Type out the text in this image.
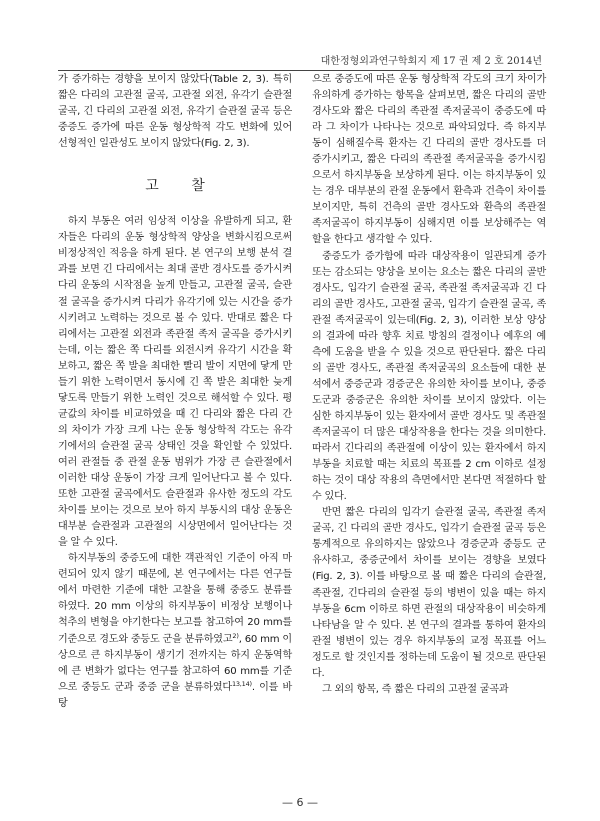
대한정형외과연구학회지 제 17 권 제 2 호 2014년

가 증가하는 경향을 보이지 않았다(Table 2, 3). 특히 짧은 다리의 고관절 굴곡, 고관절 외전, 유각기 슬관절 굴곡, 긴 다리의 고관절 외전, 유각기 슬관절 굴곡 등은 중증도 증가에 따른 운동 형상학적 각도 변화에 있어 선형적인 일관성도 보이지 않았다(Fig. 2, 3).

고 찰

하지 부동은 여러 임상적 이상을 유발하게 되고, 환자들은 다리의 운동 형상학적 양상을 변화시킴으로써 비정상적인 적응을 하게 된다. 본 연구의 보행 분석 결과를 보면 긴 다리에서는 최대 골반 경사도를 증가시켜 다리 운동의 시작점을 높게 만들고, 고관절 굴곡, 슬관절 굴곡을 증가시켜 다리가 유각기에 있는 시간을 증가시키려고 노력하는 것으로 볼 수 있다. 반대로 짧은 다리에서는 고관절 외전과 족관절 족저 굴곡을 증가시키는데, 이는 짧은 쪽 다리를 외전시켜 유각기 시간을 확보하고, 짧은 쪽 발을 최대한 빨리 발이 지면에 닿게 만들기 위한 노력이면서 동시에 긴 쪽 발은 최대한 늦게 닿도록 만들기 위한 노력인 것으로 해석할 수 있다. 평균값의 차이를 비교하였을 때 긴 다리와 짧은 다리 간의 차이가 가장 크게 나는 운동 형상학적 각도는 유각기에서의 슬관절 굴곡 상태인 것을 확인할 수 있었다. 여러 관절들 중 관절 운동 범위가 가장 큰 슬관절에서 이러한 대상 운동이 가장 크게 일어난다고 볼 수 있다. 또한 고관절 굴곡에서도 슬관절과 유사한 정도의 각도 차이를 보이는 것으로 보아 하지 부동시의 대상 운동은 대부분 슬관절과 고관절의 시상면에서 일어난다는 것을 알 수 있다.

하지부동의 중증도에 대한 객관적인 기준이 아직 마련되어 있지 않기 때문에, 본 연구에서는 다른 연구들에서 마련한 기준에 대한 고찰을 통해 중증도 분류를 하였다. 20 mm 이상의 하지부동이 비정상 보행이나 척추의 변형을 야기한다는 보고를 참고하여 20 mm를 기준으로 경도와 중등도 군을 분류하였고$^{2)}$, 60 mm 이상으로 큰 하지부동이 생기기 전까지는 하지 운동역학에 큰 변화가 없다는 연구를 참고하여 60 mm를 기준으로 중등도 군과 중증 군을 분류하였다$^{13,14)}$. 이를 바탕

으로 중증도에 따른 운동 형상학적 각도의 크기 차이가 유의하게 증가하는 항목을 살펴보면, 짧은 다리의 골반 경사도와 짧은 다리의 족관절 족저굴곡이 중증도에 따라 그 차이가 나타나는 것으로 파악되었다. 즉 하지부동이 심해질수록 환자는 긴 다리의 골반 경사도를 더 증가시키고, 짧은 다리의 족관절 족저굴곡을 증가시킴으로서 하지부동을 보상하게 된다. 이는 하지부동이 있는 경우 대부분의 관절 운동에서 환측과 건측이 차이를 보이지만, 특히 건측의 골반 경사도와 환측의 족관절 족저굴곡이 하지부동이 심해지면 이를 보상해주는 역할을 한다고 생각할 수 있다.

중증도가 증가함에 따라 대상작용이 일관되게 증가 또는 감소되는 양상을 보이는 요소는 짧은 다리의 골반 경사도, 입각기 슬관절 굴곡, 족관절 족저굴곡과 긴 다리의 골반 경사도, 고관절 굴곡, 입각기 슬관절 굴곡, 족관절 족저굴곡이 있는데(Fig. 2, 3), 이러한 보상 양상의 결과에 따라 향후 치료 방침의 결정이나 예후의 예측에 도움을 받을 수 있을 것으로 판단된다. 짧은 다리의 골반 경사도, 족관절 족저굴곡의 요소들에 대한 분석에서 중증군과 경증군은 유의한 차이를 보이나, 중증도군과 중증군은 유의한 차이를 보이지 않았다. 이는 심한 하지부동이 있는 환자에서 골반 경사도 및 족관절 족저굴곡이 더 많은 대상작용을 한다는 것을 의미한다. 따라서 긴다리의 족관절에 이상이 있는 환자에서 하지부동을 치료할 때는 치료의 목표를 2 cm 이하로 설정하는 것이 대상 작용의 측면에서만 본다면 적절하다 할 수 있다.

반면 짧은 다리의 입각기 슬관절 굴곡, 족관절 족저굴곡, 긴 다리의 골반 경사도, 입각기 슬관절 굴곡 등은 통계적으로 유의하지는 않았으나 경증군과 중등도 군 유사하고, 중증군에서 차이를 보이는 경향을 보였다(Fig. 2, 3). 이를 바탕으로 볼 때 짧은 다리의 슬관절, 족관절, 긴다리의 슬관절 등의 병변이 있을 때는 하지부동을 6cm 이하로 하면 관절의 대상작용이 비슷하게 나타남을 알 수 있다. 본 연구의 결과를 통하여 환자의 관절 병변이 있는 경우 하지부동의 교정 목표를 어느 정도로 할 것인지를 정하는데 도움이 될 것으로 판단된다.

그 외의 항목, 즉 짧은 다리의 고관절 굴곡과

— 6 —
